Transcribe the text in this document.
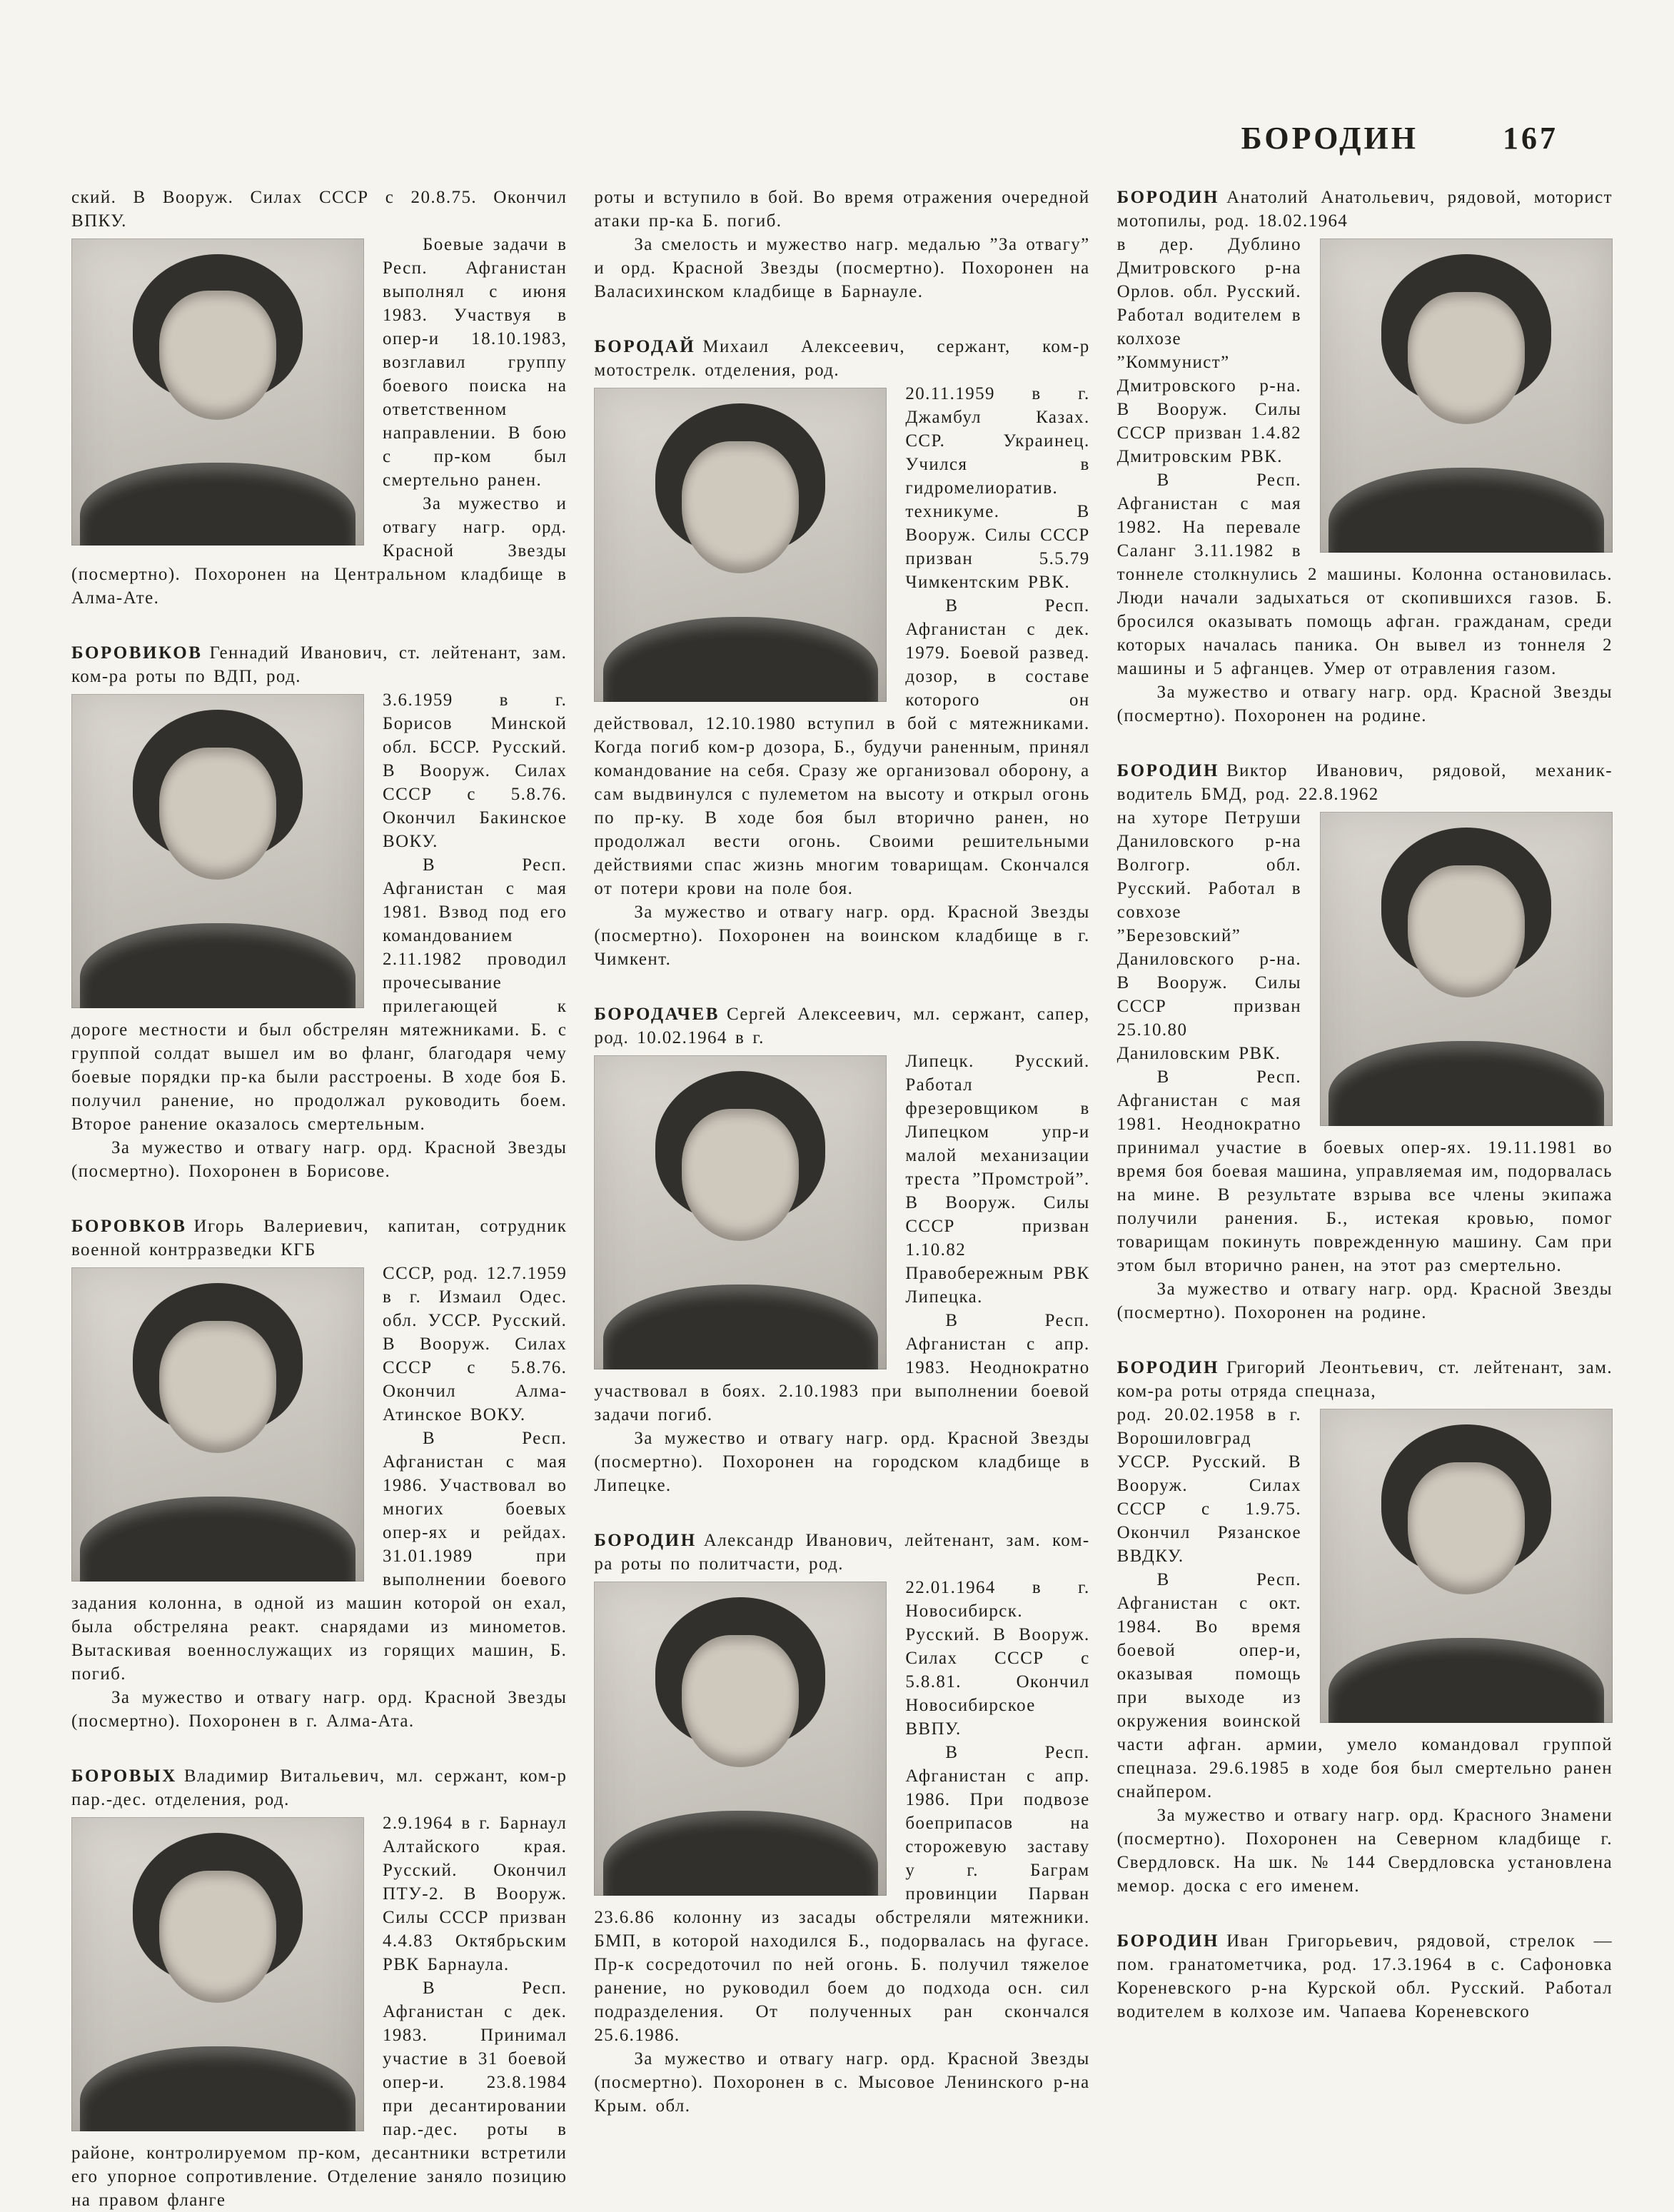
БОРОДИН	167

ский. В Вооруж. Силах СССР с 20.8.75. Окончил ВПКУ.

Боевые задачи в Респ. Афганистан выполнял с июня 1983. Участвуя в опер-и 18.10.1983, возглавил группу боевого поиска на ответственном направлении. В бою с пр-ком был смертельно ранен.

За мужество и отвагу нагр. орд. Красной Звезды (посмертно). Похоронен на Центральном кладбище в Алма-Ате.

БОРОВИКОВ Геннадий Иванович, ст. лейтенант, зам. ком-ра роты по ВДП, род.

3.6.1959 в г. Борисов Минской обл. БССР. Русский. В Вооруж. Силах СССР с 5.8.76. Окончил Бакинское ВОКУ.

В Респ. Афганистан с мая 1981. Взвод под его командованием 2.11.1982 проводил прочесывание прилегающей к дороге местности и был обстрелян мятежниками. Б. с группой солдат вышел им во фланг, благодаря чему боевые порядки пр-ка были расстроены. В ходе боя Б. получил ранение, но продолжал руководить боем. Второе ранение оказалось смертельным.

За мужество и отвагу нагр. орд. Красной Звезды (посмертно). Похоронен в Борисове.

БОРОВКОВ Игорь Валериевич, капитан, сотрудник военной контрразведки КГБ

СССР, род. 12.7.1959 в г. Измаил Одес. обл. УССР. Русский. В Вооруж. Силах СССР с 5.8.76. Окончил Алма-Атинское ВОКУ.

В Респ. Афганистан с мая 1986. Участвовал во многих боевых опер-ях и рейдах. 31.01.1989 при выполнении боевого задания колонна, в одной из машин которой он ехал, была обстреляна реакт. снарядами из минометов. Вытаскивая военнослужащих из горящих машин, Б. погиб.

За мужество и отвагу нагр. орд. Красной Звезды (посмертно). Похоронен в г. Алма-Ата.

БОРОВЫХ Владимир Витальевич, мл. сержант, ком-р пар.-дес. отделения, род.

2.9.1964 в г. Барнаул Алтайского края. Русский. Окончил ПТУ-2. В Вооруж. Силы СССР призван 4.4.83 Октябрьским РВК Барнаула.

В Респ. Афганистан с дек. 1983. Принимал участие в 31 боевой опер-и. 23.8.1984 при десантировании пар.-дес. роты в районе, контролируемом пр-ком, десантники встретили его упорное сопротивление. Отделение заняло позицию на правом фланге

роты и вступило в бой. Во время отражения очередной атаки пр-ка Б. погиб.

За смелость и мужество нагр. медалью ”За отвагу” и орд. Красной Звезды (посмертно). Похоронен на Валасихинском кладбище в Барнауле.

БОРОДАЙ Михаил Алексеевич, сержант, ком-р мотострелк. отделения, род.

20.11.1959 в г. Джамбул Казах. ССР. Украинец. Учился в гидромелиоратив. техникуме. В Вооруж. Силы СССР призван 5.5.79 Чимкентским РВК.

В Респ. Афганистан с дек. 1979. Боевой развед. дозор, в составе которого он действовал, 12.10.1980 вступил в бой с мятежниками. Когда погиб ком-р дозора, Б., будучи раненным, принял командование на себя. Сразу же организовал оборону, а сам выдвинулся с пулеметом на высоту и открыл огонь по пр-ку. В ходе боя был вторично ранен, но продолжал вести огонь. Своими решительными действиями спас жизнь многим товарищам. Скончался от потери крови на поле боя.

За мужество и отвагу нагр. орд. Красной Звезды (посмертно). Похоронен на воинском кладбище в г. Чимкент.

БОРОДАЧЕВ Сергей Алексеевич, мл. сержант, сапер, род. 10.02.1964 в г.

Липецк. Русский. Работал фрезеровщиком в Липецком упр-и малой механизации треста ”Промстрой”. В Вооруж. Силы СССР призван 1.10.82 Правобережным РВК Липецка.

В Респ. Афганистан с апр. 1983. Неоднократно участвовал в боях. 2.10.1983 при выполнении боевой задачи погиб.

За мужество и отвагу нагр. орд. Красной Звезды (посмертно). Похоронен на городском кладбище в Липецке.

БОРОДИН Александр Иванович, лейтенант, зам. ком-ра роты по политчасти, род.

22.01.1964 в г. Новосибирск. Русский. В Вооруж. Силах СССР с 5.8.81. Окончил Новосибирское ВВПУ.

В Респ. Афганистан с апр. 1986. При подвозе боеприпасов на сторожевую заставу у г. Баграм провинции Парван 23.6.86 колонну из засады обстреляли мятежники. БМП, в которой находился Б., подорвалась на фугасе. Пр-к сосредоточил по ней огонь. Б. получил тяжелое ранение, но руководил боем до подхода осн. сил подразделения. От полученных ран скончался 25.6.1986.

За мужество и отвагу нагр. орд. Красной Звезды (посмертно). Похоронен в с. Мысовое Ленинского р-на Крым. обл.

БОРОДИН Анатолий Анатольевич, рядовой, моторист мотопилы, род. 18.02.1964

в дер. Дублино Дмитровского р-на Орлов. обл. Русский. Работал водителем в колхозе ”Коммунист” Дмитровского р-на. В Вооруж. Силы СССР призван 1.4.82 Дмитровским РВК.

В Респ. Афганистан с мая 1982. На перевале Саланг 3.11.1982 в тоннеле столкнулись 2 машины. Колонна остановилась. Люди начали задыхаться от скопившихся газов. Б. бросился оказывать помощь афган. гражданам, среди которых началась паника. Он вывел из тоннеля 2 машины и 5 афганцев. Умер от отравления газом.

За мужество и отвагу нагр. орд. Красной Звезды (посмертно). Похоронен на родине.

БОРОДИН Виктор Иванович, рядовой, механик-водитель БМД, род. 22.8.1962

на хуторе Петруши Даниловского р-на Волгогр. обл. Русский. Работал в совхозе ”Березовский” Даниловского р-на. В Вооруж. Силы СССР призван 25.10.80 Даниловским РВК.

В Респ. Афганистан с мая 1981. Неоднократно принимал участие в боевых опер-ях. 19.11.1981 во время боя боевая машина, управляемая им, подорвалась на мине. В результате взрыва все члены экипажа получили ранения. Б., истекая кровью, помог товарищам покинуть поврежденную машину. Сам при этом был вторично ранен, на этот раз смертельно.

За мужество и отвагу нагр. орд. Красной Звезды (посмертно). Похоронен на родине.

БОРОДИН Григорий Леонтьевич, ст. лейтенант, зам. ком-ра роты отряда спецназа,

род. 20.02.1958 в г. Ворошиловград УССР. Русский. В Вооруж. Силах СССР с 1.9.75. Окончил Рязанское ВВДКУ.

В Респ. Афганистан с окт. 1984. Во время боевой опер-и, оказывая помощь при выходе из окружения воинской части афган. армии, умело командовал группой спецназа. 29.6.1985 в ходе боя был смертельно ранен снайпером.

За мужество и отвагу нагр. орд. Красного Знамени (посмертно). Похоронен на Северном кладбище г. Свердловск. На шк. № 144 Свердловска установлена мемор. доска с его именем.

БОРОДИН Иван Григорьевич, рядовой, стрелок — пом. гранатометчика, род. 17.3.1964 в с. Сафоновка Кореневского р-на Курской обл. Русский. Работал водителем в колхозе им. Чапаева Кореневского
